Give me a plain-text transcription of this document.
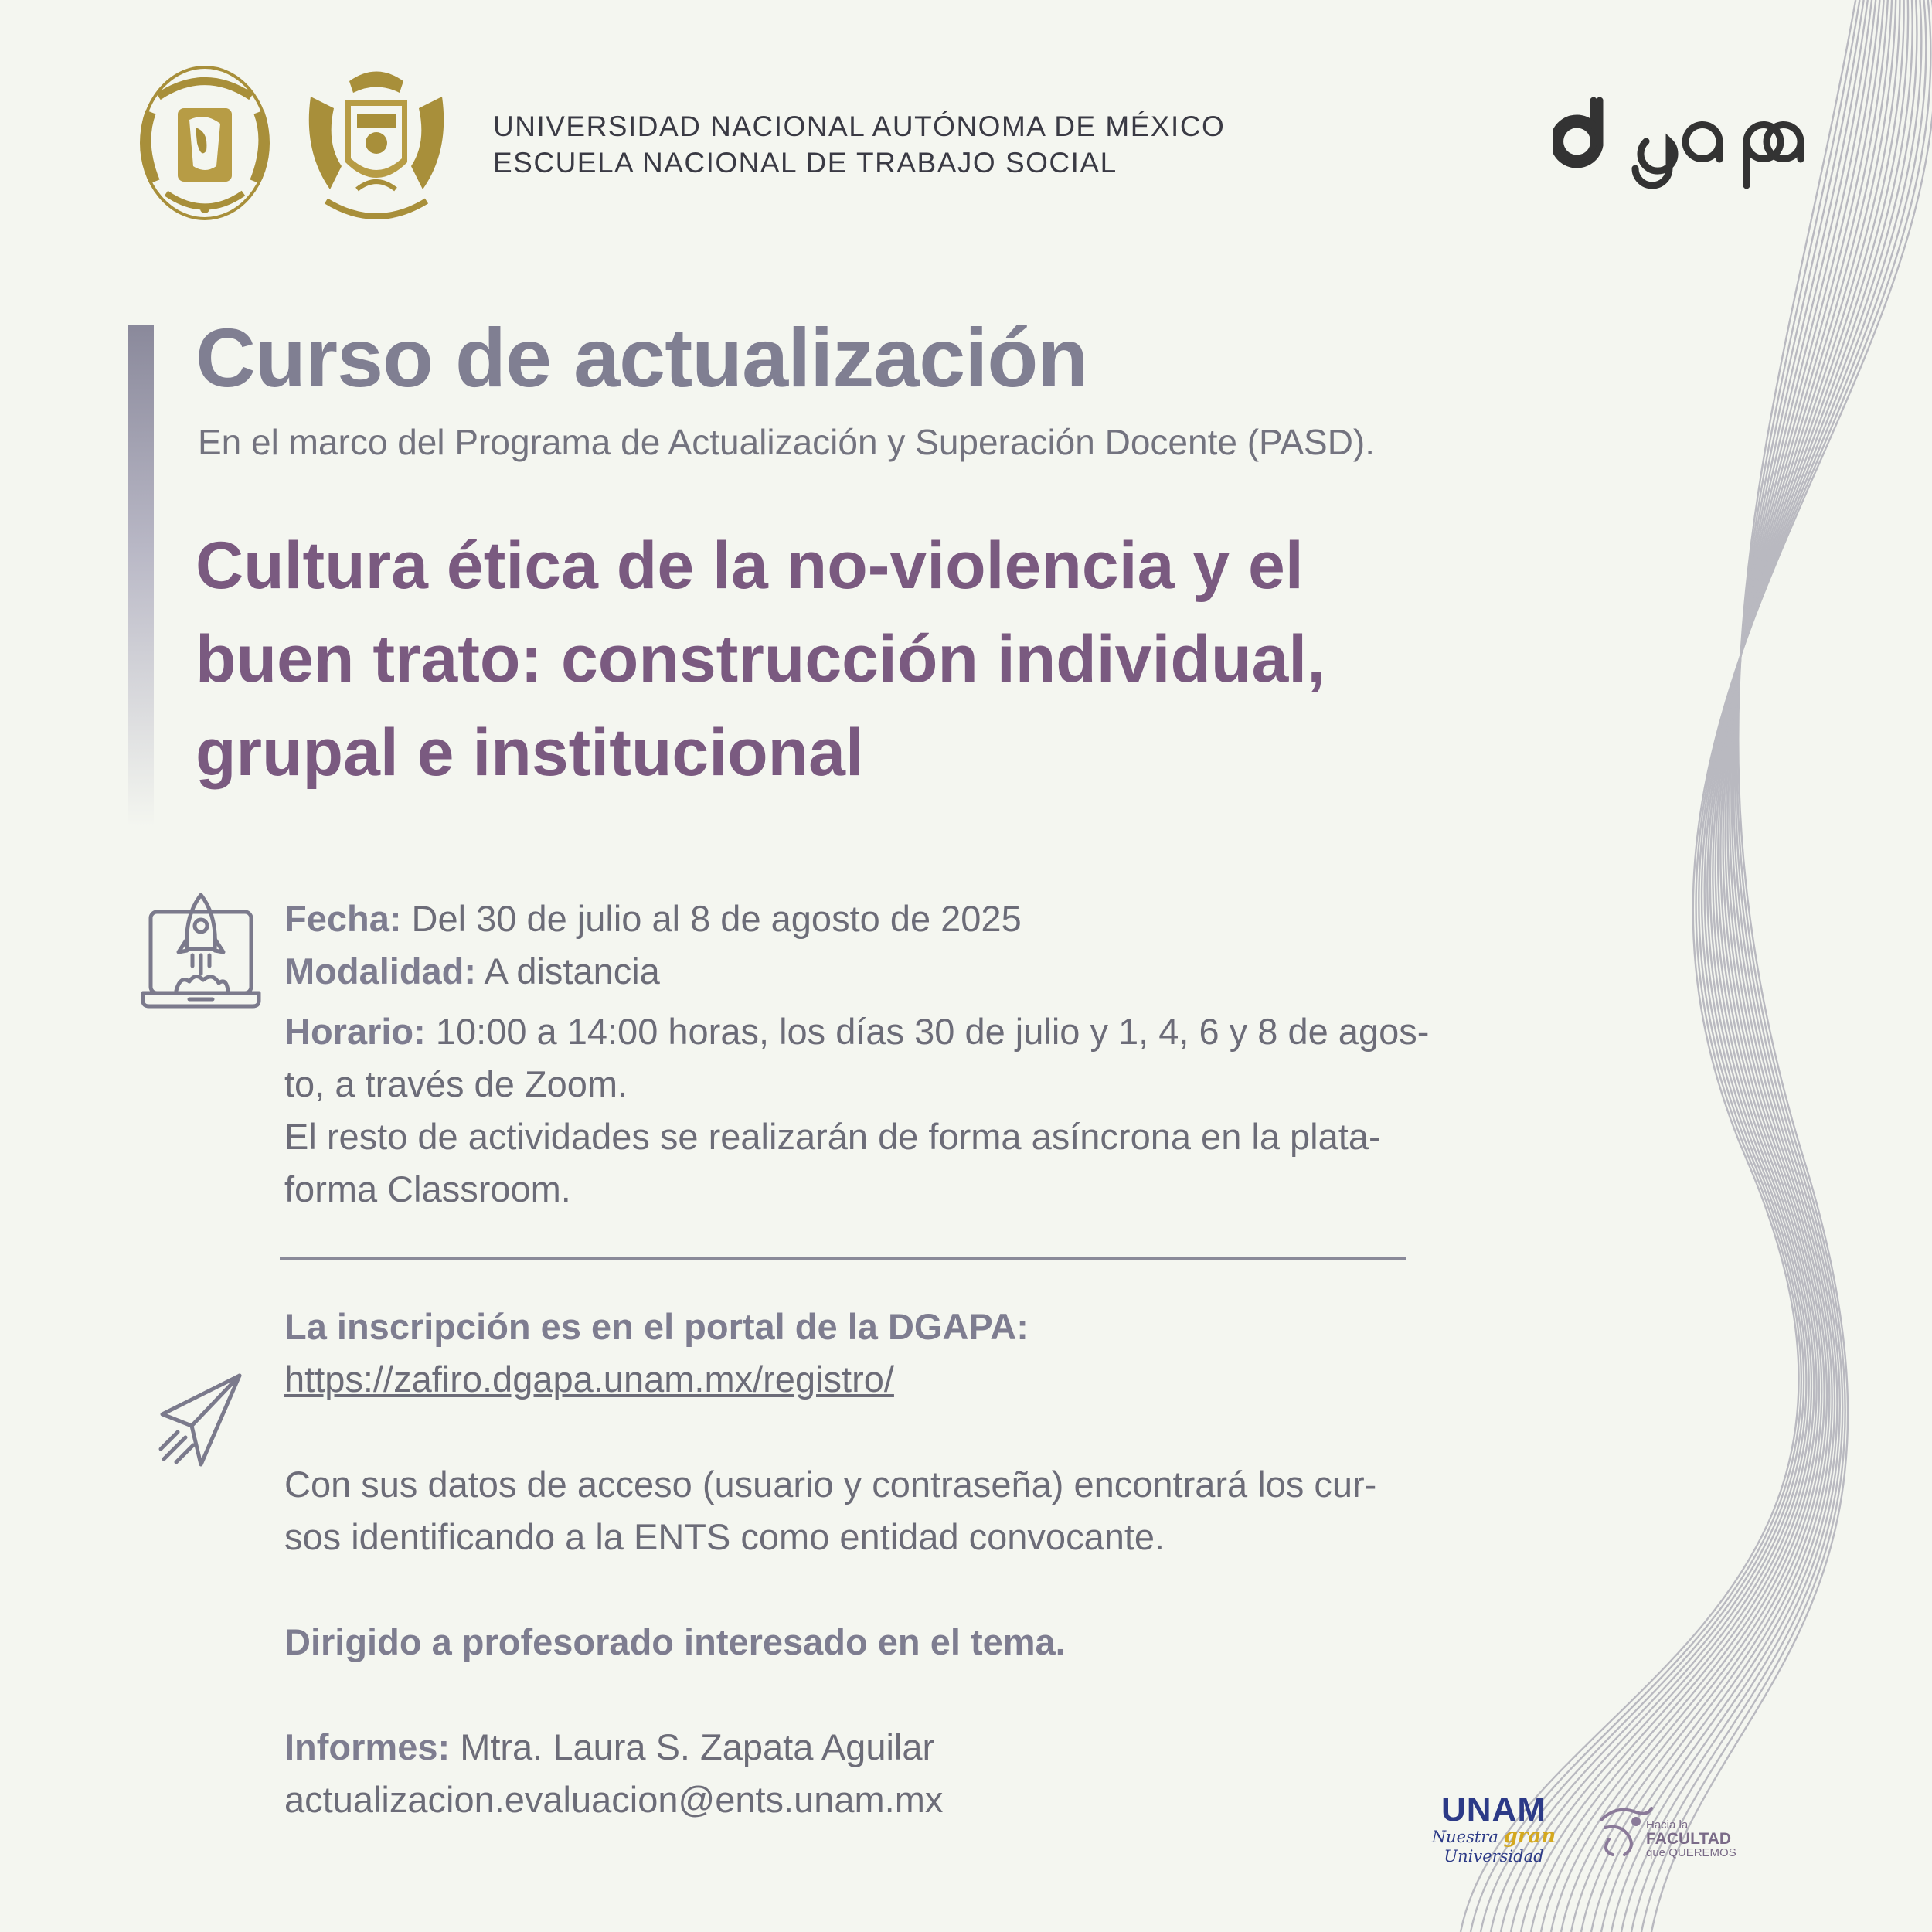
UNIVERSIDAD NACIONAL AUTÓNOMA DE MÉXICO
ESCUELA NACIONAL DE TRABAJO SOCIAL
Curso de actualización
En el marco del Programa de Actualización y Superación Docente (PASD).
Cultura ética de la no-violencia y el
buen trato: construcción individual,
grupal e institucional
Fecha: Del 30 de julio al 8 de agosto de 2025
Modalidad: A distancia
Horario: 10:00 a 14:00 horas, los días 30 de julio y 1, 4, 6 y 8 de agos-
to, a través de Zoom.
El resto de actividades se realizarán de forma asíncrona en la plata-
forma Classroom.
La inscripción es en el portal de la DGAPA:
https://zafiro.dgapa.unam.mx/registro/
Con sus datos de acceso (usuario y contraseña) encontrará los cur-
sos identificando a la ENTS como entidad convocante.
Dirigido a profesorado interesado en el tema.
Informes: Mtra. Laura S. Zapata Aguilar
actualizacion.evaluacion@ents.unam.mx	UNAM
Nuestra gran
Universidad
Hacia la
FACULTAD
que QUEREMOS
